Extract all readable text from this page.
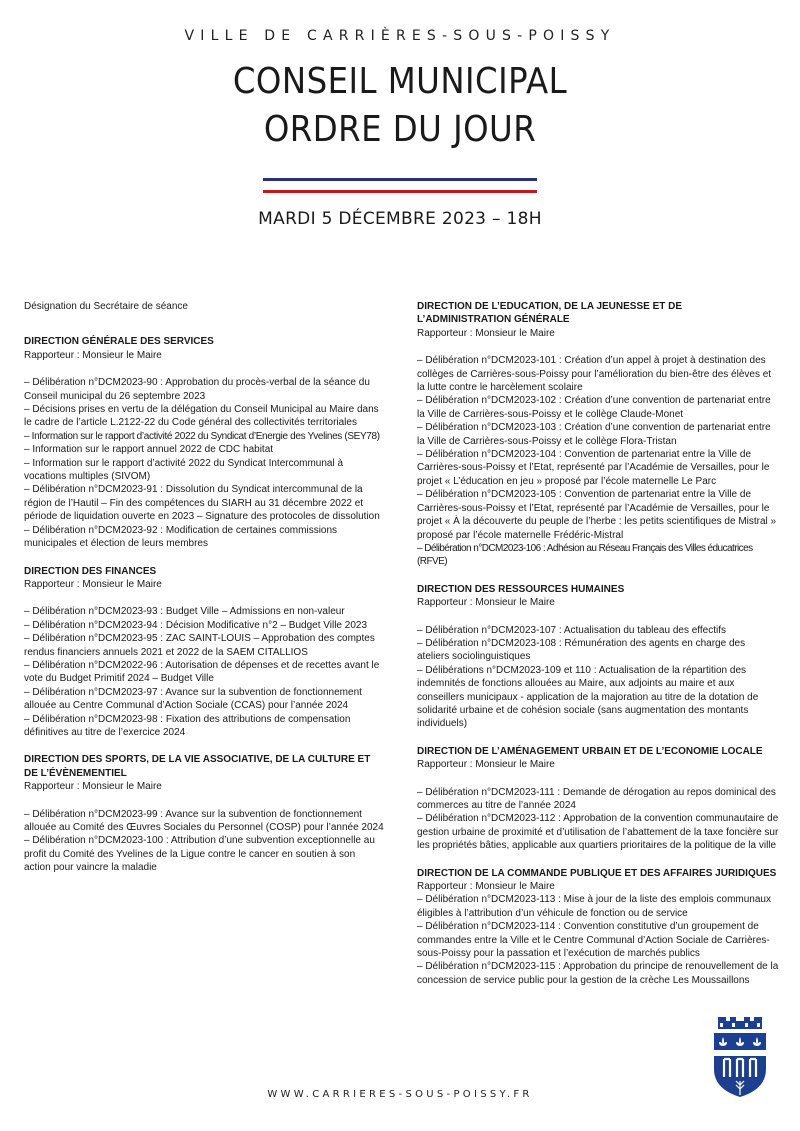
VILLE DE CARRIÈRES-SOUS-POISSY
CONSEIL MUNICIPAL
ORDRE DU JOUR
MARDI 5 DÉCEMBRE 2023 – 18H

Désignation du Secrétaire de séance

DIRECTION GÉNÉRALE DES SERVICES

Rapporteur : Monsieur le Maire

– Délibération n°DCM2023-90 : Approbation du procès-verbal de la séance du Conseil municipal du 26 septembre 2023

– Décisions prises en vertu de la délégation du Conseil Municipal au Maire dans le cadre de l’article L.2122-22 du Code général des collectivités territoriales

– Information sur le rapport d’activité 2022 du Syndicat d’Energie des Yvelines (SEY78)

– Information sur le rapport annuel 2022 de CDC habitat

– Information sur le rapport d’activité 2022 du Syndicat Intercommunal à vocations multiples (SIVOM)

– Délibération n°DCM2023-91 : Dissolution du Syndicat intercommunal de la région de l’Hautil – Fin des compétences du SIARH au 31 décembre 2022 et période de liquidation ouverte en 2023 – Signature des protocoles de dissolution

– Délibération n°DCM2023-92 : Modification de certaines commissions municipales et élection de leurs membres

DIRECTION DES FINANCES

Rapporteur : Monsieur le Maire

– Délibération n°DCM2023-93 : Budget Ville – Admissions en non-valeur

– Délibération n°DCM2023-94 : Décision Modificative n°2 – Budget Ville 2023

– Délibération n°DCM2023-95 : ZAC SAINT-LOUIS – Approbation des comptes rendus financiers annuels 2021 et 2022 de la SAEM CITALLIOS

– Délibération n°DCM2022-96 : Autorisation de dépenses et de recettes avant le vote du Budget Primitif 2024 – Budget Ville

– Délibération n°DCM2023-97 : Avance sur la subvention de fonctionnement allouée au Centre Communal d’Action Sociale (CCAS) pour l’année 2024

– Délibération n°DCM2023-98 : Fixation des attributions de compensation définitives au titre de l’exercice 2024

DIRECTION DES SPORTS, DE LA VIE ASSOCIATIVE, DE LA CULTURE ET DE L’ÉVÈNEMENTIEL

Rapporteur : Monsieur le Maire

– Délibération n°DCM2023-99 : Avance sur la subvention de fonctionnement allouée au Comité des Œuvres Sociales du Personnel (COSP) pour l’année 2024

– Délibération n°DCM2023-100 : Attribution d’une subvention exceptionnelle au profit du Comité des Yvelines de la Ligue contre le cancer en soutien à son action pour vaincre la maladie

DIRECTION DE L’EDUCATION, DE LA JEUNESSE ET DE L’ADMINISTRATION GÉNÉRALE

Rapporteur : Monsieur le Maire

– Délibération n°DCM2023-101 : Création d’un appel à projet à destination des collèges de Carrières-sous-Poissy pour l’amélioration du bien-être des élèves et la lutte contre le harcèlement scolaire

– Délibération n°DCM2023-102 : Création d’une convention de partenariat entre la Ville de Carrières-sous-Poissy et le collège Claude-Monet

– Délibération n°DCM2023-103 : Création d’une convention de partenariat entre la Ville de Carrières-sous-Poissy et le collège Flora-Tristan

– Délibération n°DCM2023-104 : Convention de partenariat entre la Ville de Carrières-sous-Poissy et l’Etat, représenté par l’Académie de Versailles, pour le projet « L’éducation en jeu » proposé par l’école maternelle Le Parc

– Délibération n°DCM2023-105 : Convention de partenariat entre la Ville de Carrières-sous-Poissy et l’Etat, représenté par l’Académie de Versailles, pour le projet « À la découverte du peuple de l’herbe : les petits scientifiques de Mistral » proposé par l’école maternelle Frédéric-Mistral

– Délibération n°DCM2023-106 : Adhésion au Réseau Français des Villes éducatrices (RFVE)

DIRECTION DES RESSOURCES HUMAINES

Rapporteur : Monsieur le Maire

– Délibération n°DCM2023-107 : Actualisation du tableau des effectifs

– Délibération n°DCM2023-108 : Rémunération des agents en charge des ateliers sociolinguistiques

– Délibérations n°DCM2023-109 et 110 : Actualisation de la répartition des indemnités de fonctions allouées au Maire, aux adjoints au maire et aux conseillers municipaux - application de la majoration au titre de la dotation de solidarité urbaine et de cohésion sociale (sans augmentation des montants individuels)

DIRECTION DE L’AMÉNAGEMENT URBAIN ET DE L’ECONOMIE LOCALE

Rapporteur : Monsieur le Maire

– Délibération n°DCM2023-111 : Demande de dérogation au repos dominical des commerces au titre de l’année 2024

– Délibération n°DCM2023-112 : Approbation de la convention communautaire de gestion urbaine de proximité et d’utilisation de l’abattement de la taxe foncière sur les propriétés bâties, applicable aux quartiers prioritaires de la politique de la ville

DIRECTION DE LA COMMANDE PUBLIQUE ET DES AFFAIRES JURIDIQUES

Rapporteur : Monsieur le Maire

– Délibération n°DCM2023-113 : Mise à jour de la liste des emplois communaux éligibles à l’attribution d’un véhicule de fonction ou de service

– Délibération n°DCM2023-114 : Convention constitutive d’un groupement de commandes entre la Ville et le Centre Communal d’Action Sociale de Carrières-sous-Poissy pour la passation et l’exécution de marchés publics

– Délibération n°DCM2023-115 : Approbation du principe de renouvellement de la concession de service public pour la gestion de la crèche Les Moussaillons

WWW.CARRIERES-SOUS-POISSY.FR
